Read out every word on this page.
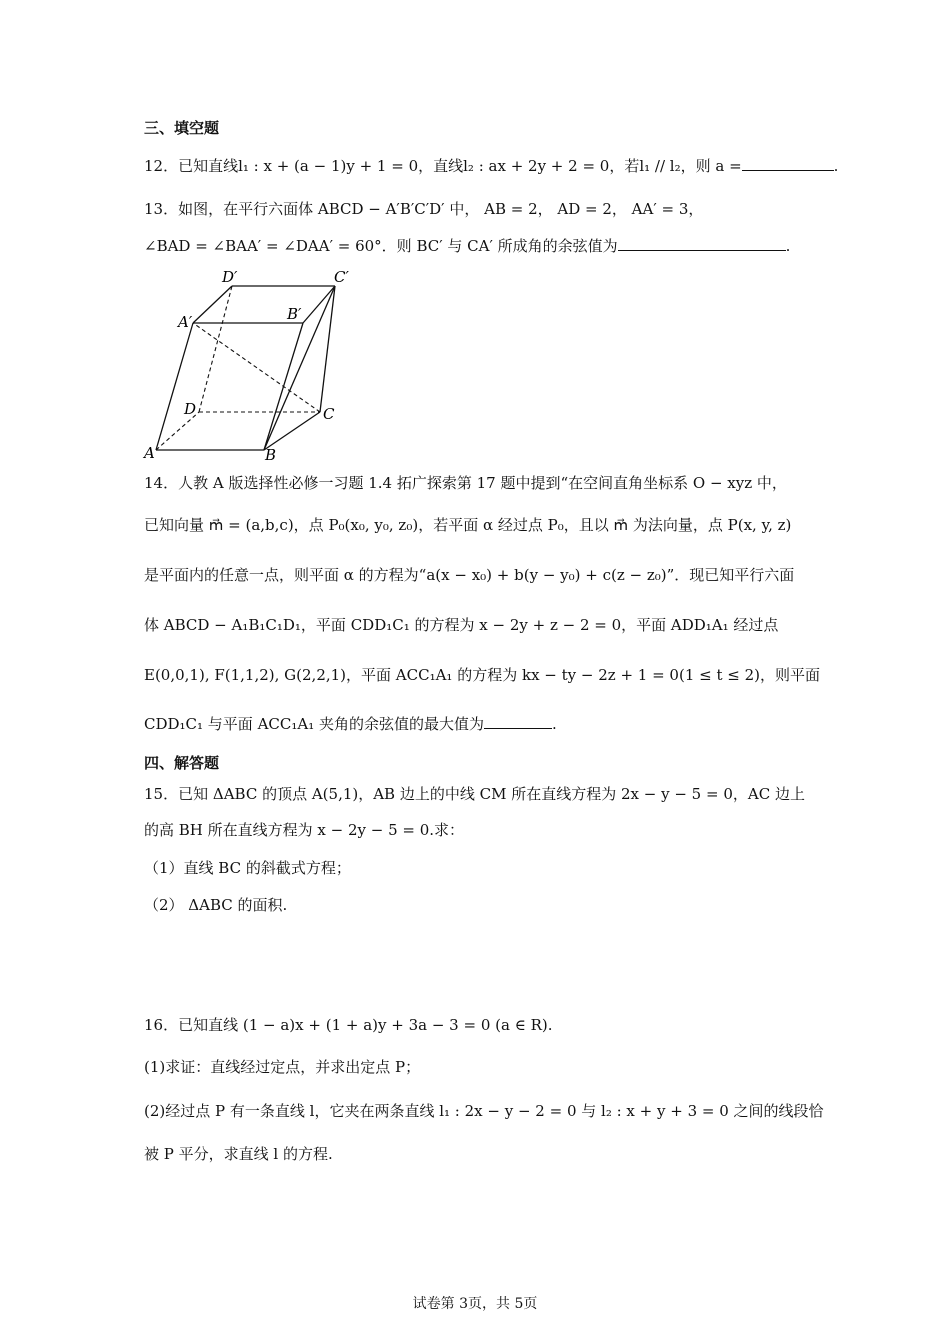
三、填空题
12．已知直线l₁ : x + (a − 1)y + 1 = 0，直线l₂ : ax + 2y + 2 = 0，若l₁ // l₂，则 a =	.
13．如图，在平行六面体 ABCD − A′B′C′D′ 中， AB = 2， AD = 2， AA′ = 3，
∠BAD = ∠BAA′ = ∠DAA′ = 60°．则 BC′ 与 CA′ 所成角的余弦值为	.
D′	C′
A′	B′
D	C
A	B
14．人教 A 版选择性必修一习题 1.4 拓广探索第 17 题中提到“在空间直角坐标系 O − xyz 中，
已知向量 m⃗ = (a,b,c)，点 P₀(x₀, y₀, z₀)，若平面 α 经过点 P₀，且以 m⃗ 为法向量，点 P(x, y, z)
是平面内的任意一点，则平面 α 的方程为“a(x − x₀) + b(y − y₀) + c(z − z₀)”．现已知平行六面
体 ABCD − A₁B₁C₁D₁，平面 CDD₁C₁ 的方程为 x − 2y + z − 2 = 0，平面 ADD₁A₁ 经过点
E(0,0,1), F(1,1,2), G(2,2,1)，平面 ACC₁A₁ 的方程为 kx − ty − 2z + 1 = 0(1 ≤ t ≤ 2)，则平面
CDD₁C₁ 与平面 ACC₁A₁ 夹角的余弦值的最大值为	.
四、解答题
15．已知 ΔABC 的顶点 A(5,1)，AB 边上的中线 CM 所在直线方程为 2x − y − 5 = 0，AC 边上
的高 BH 所在直线方程为 x − 2y − 5 = 0.求：
（1）直线 BC 的斜截式方程；
（2） ΔABC 的面积.
16．已知直线 (1 − a)x + (1 + a)y + 3a − 3 = 0 (a ∈ R).
(1)求证：直线经过定点，并求出定点 P；
(2)经过点 P 有一条直线 l，它夹在两条直线 l₁ : 2x − y − 2 = 0 与 l₂ : x + y + 3 = 0 之间的线段恰
被 P 平分，求直线 l 的方程.
试卷第 3页，共 5页
